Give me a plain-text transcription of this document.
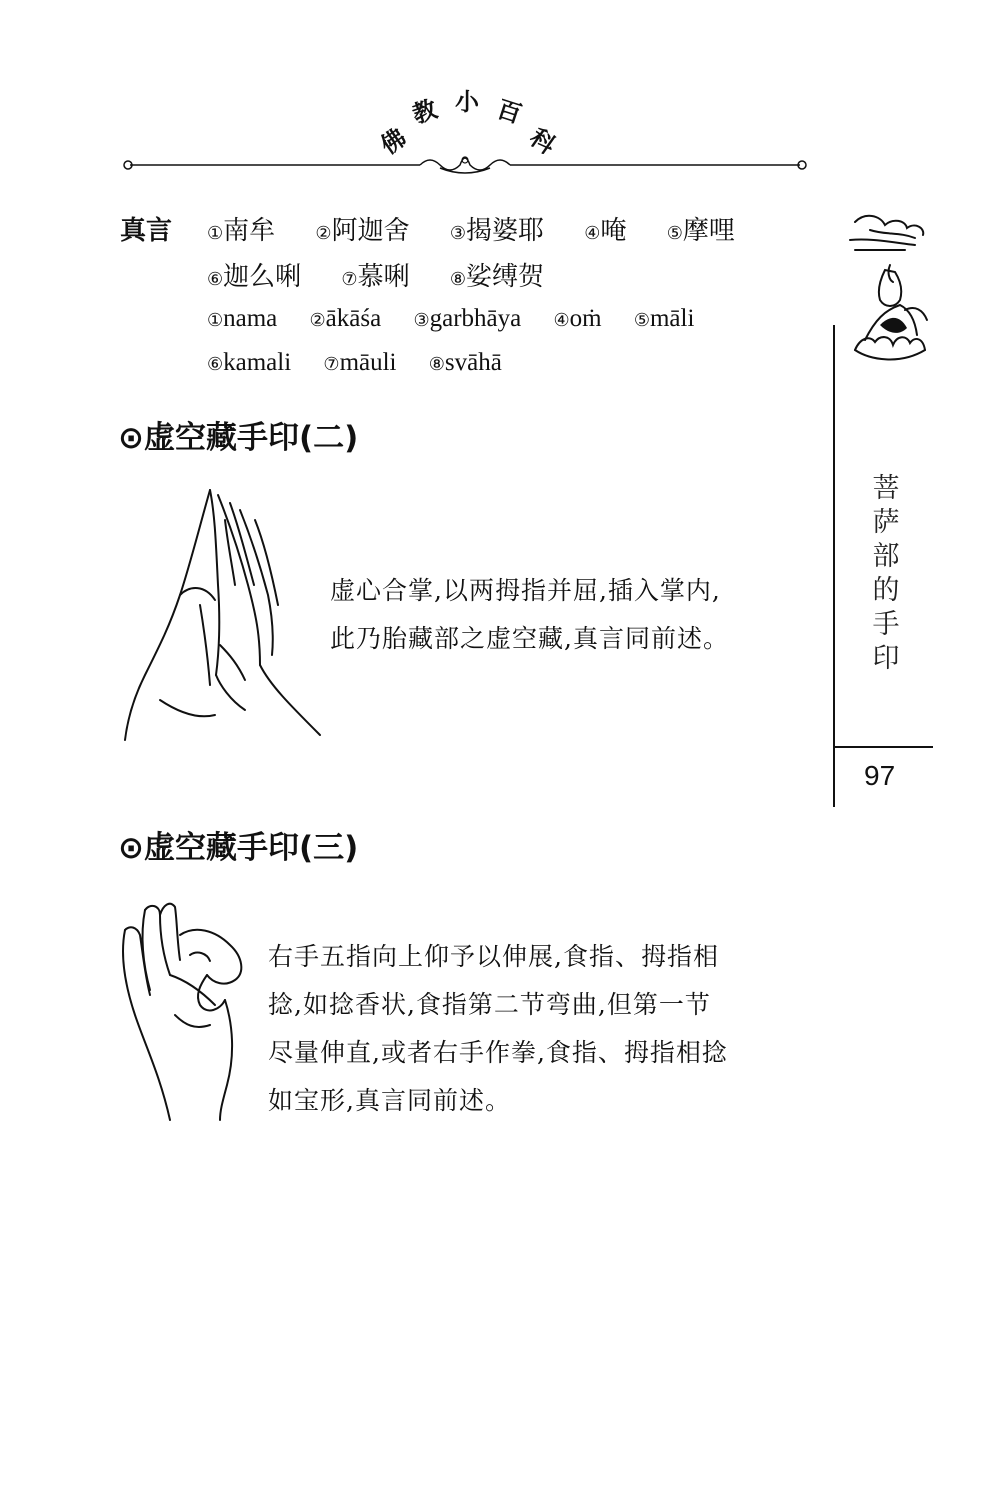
佛
教 小 百
科
真言 ①南牟 ②阿迦舍 ③揭婆耶 ④唵 ⑤摩哩
⑥迦么唎 ⑦慕唎 ⑧娑缚贺
①nama ②ākāśa ③garbhāya ④oṁ ⑤māli
⑥kamali ⑦māuli ⑧svāhā
⊙虚空藏手印(二)
虚心合掌,以两拇指并屈,插入掌内,
此乃胎藏部之虚空藏,真言同前述。
⊙虚空藏手印(三)
右手五指向上仰予以伸展,食指、拇指相
捻,如捻香状,食指第二节弯曲,但第一节
尽量伸直,或者右手作拳,食指、拇指相捻
如宝形,真言同前述。
菩
萨
部
的
手
印
97
